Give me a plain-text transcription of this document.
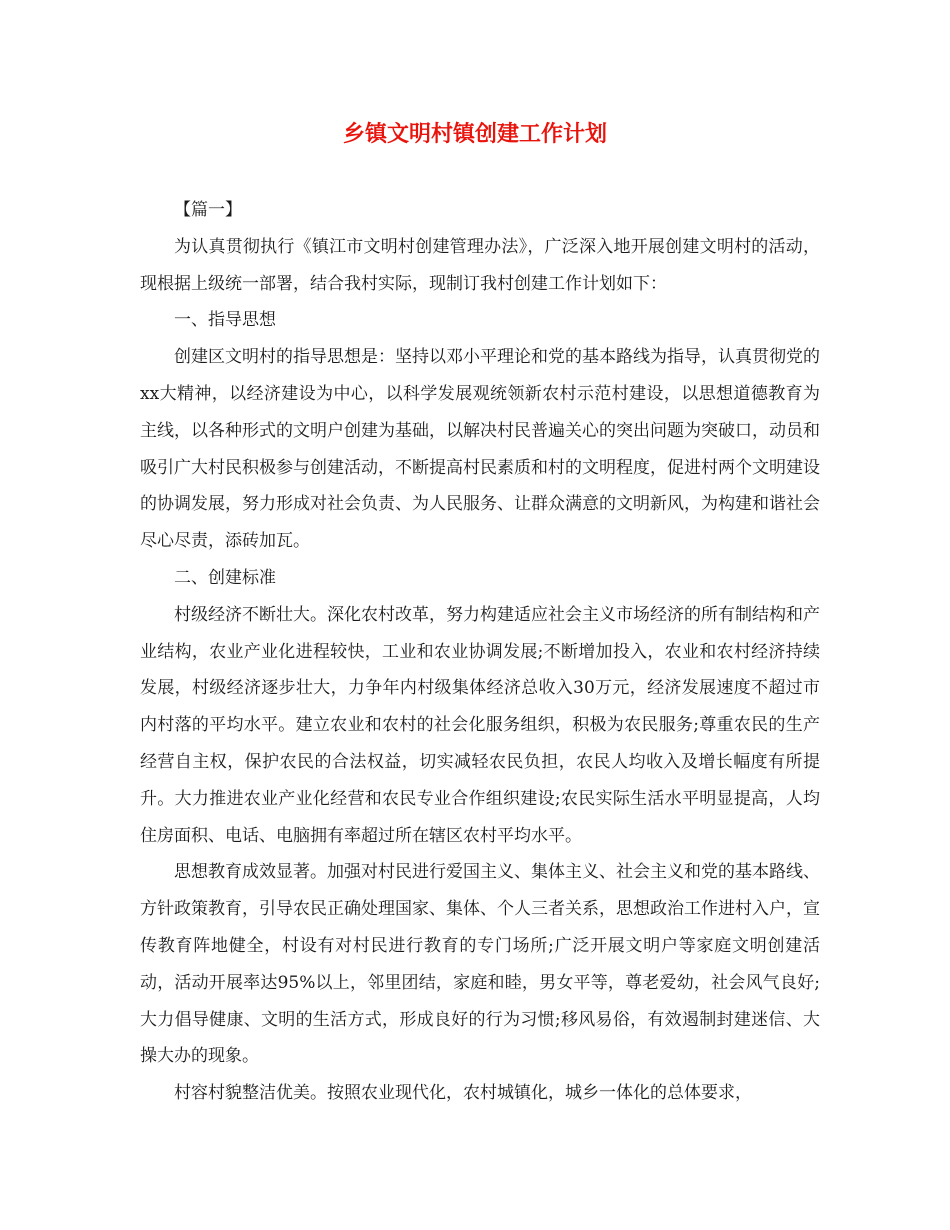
乡镇文明村镇创建工作计划

【篇一】

为认真贯彻执行《镇江市文明村创建管理办法》，广泛深入地开展创建文明村的活动，现根据上级统一部署，结合我村实际，现制订我村创建工作计划如下：

一、指导思想

创建区文明村的指导思想是：坚持以邓小平理论和党的基本路线为指导，认真贯彻党的xx大精神，以经济建设为中心，以科学发展观统领新农村示范村建设，以思想道德教育为主线，以各种形式的文明户创建为基础，以解决村民普遍关心的突出问题为突破口，动员和吸引广大村民积极参与创建活动，不断提高村民素质和村的文明程度，促进村两个文明建设的协调发展，努力形成对社会负责、为人民服务、让群众满意的文明新风，为构建和谐社会尽心尽责，添砖加瓦。

二、创建标准

村级经济不断壮大。深化农村改革，努力构建适应社会主义市场经济的所有制结构和产业结构，农业产业化进程较快，工业和农业协调发展;不断增加投入，农业和农村经济持续发展，村级经济逐步壮大，力争年内村级集体经济总收入30万元，经济发展速度不超过市内村落的平均水平。建立农业和农村的社会化服务组织，积极为农民服务;尊重农民的生产经营自主权，保护农民的合法权益，切实减轻农民负担，农民人均收入及增长幅度有所提升。大力推进农业产业化经营和农民专业合作组织建设;农民实际生活水平明显提高，人均住房面积、电话、电脑拥有率超过所在辖区农村平均水平。

思想教育成效显著。加强对村民进行爱国主义、集体主义、社会主义和党的基本路线、方针政策教育，引导农民正确处理国家、集体、个人三者关系，思想政治工作进村入户，宣传教育阵地健全，村设有对村民进行教育的专门场所;广泛开展文明户等家庭文明创建活动，活动开展率达95%以上，邻里团结，家庭和睦，男女平等，尊老爱幼，社会风气良好;大力倡导健康、文明的生活方式，形成良好的行为习惯;移风易俗，有效遏制封建迷信、大操大办的现象。

村容村貌整洁优美。按照农业现代化，农村城镇化，城乡一体化的总体要求，
